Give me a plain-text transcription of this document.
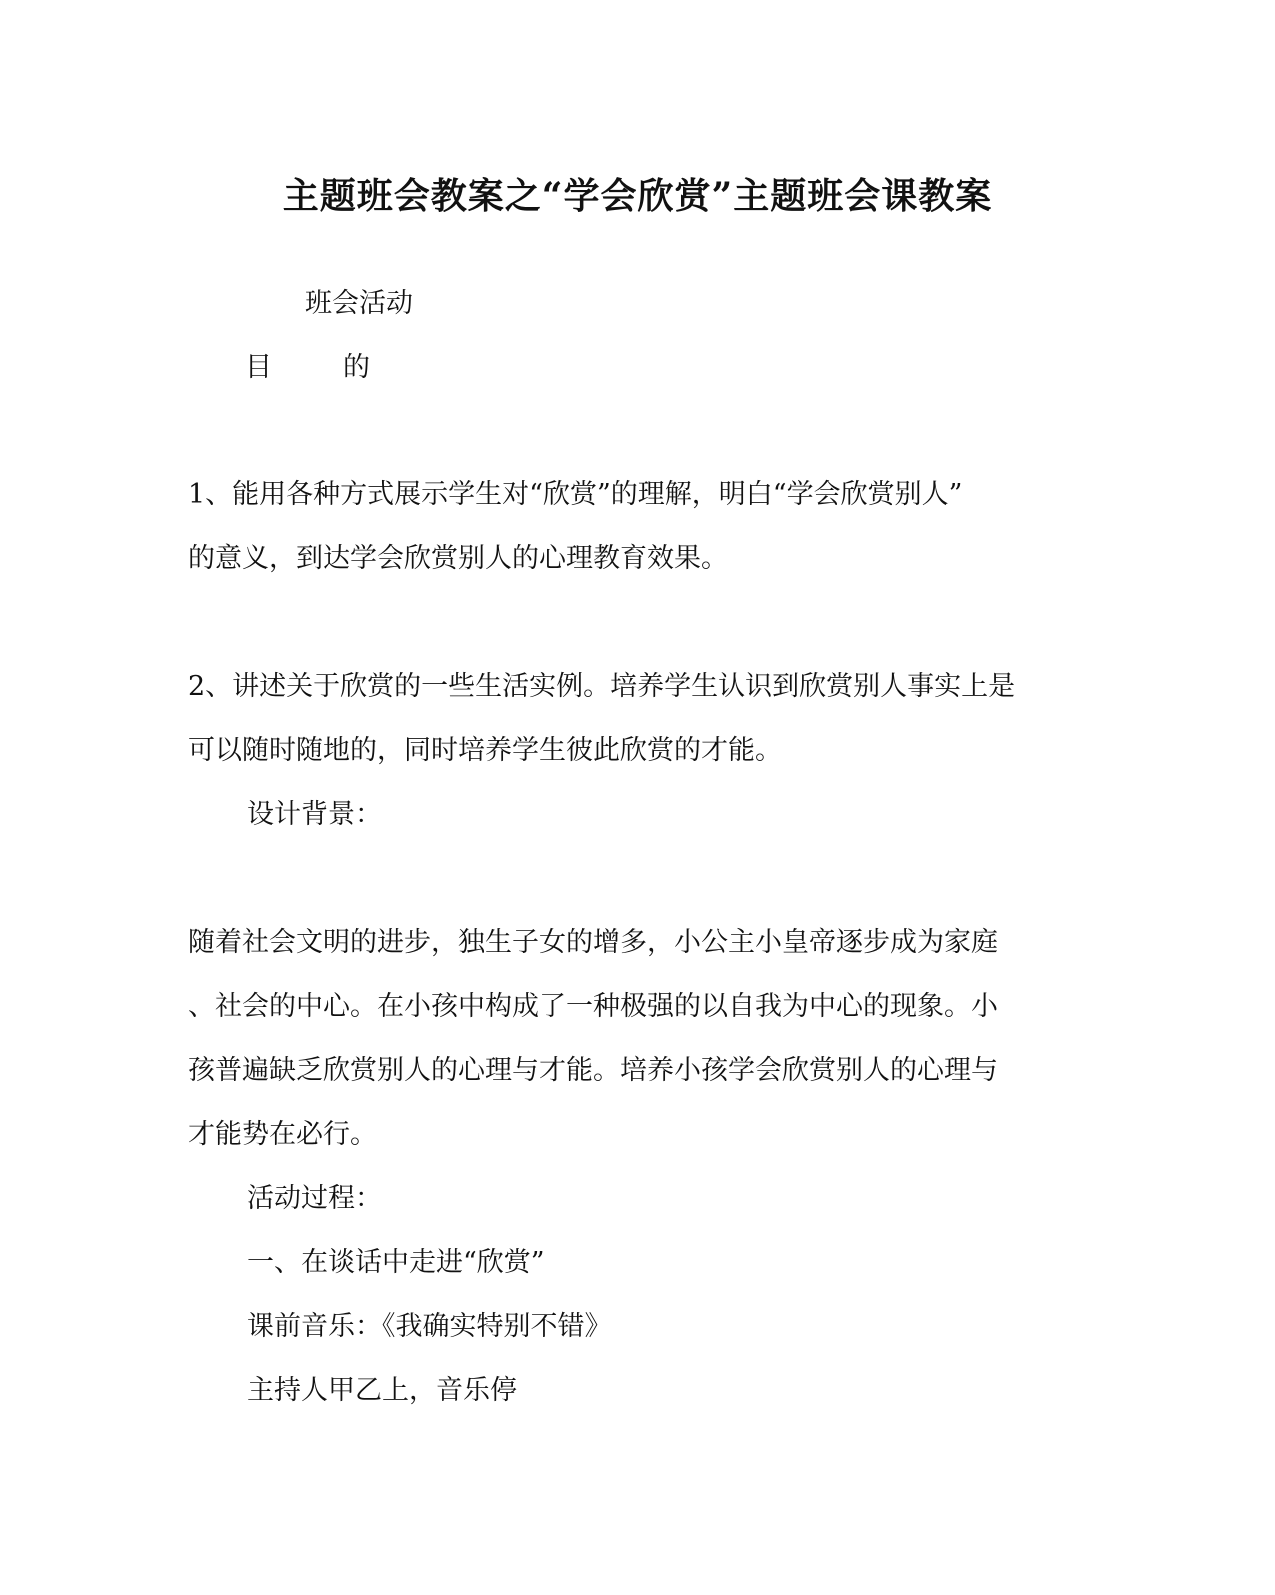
主题班会教案之“学会欣赏”主题班会课教案
班会活动
目	的
1、能用各种方式展示学生对“欣赏”的理解，明白“学会欣赏别人”
的意义，到达学会欣赏别人的心理教育效果。
2、讲述关于欣赏的一些生活实例。培养学生认识到欣赏别人事实上是
可以随时随地的，同时培养学生彼此欣赏的才能。
设计背景：
随着社会文明的进步，独生子女的增多，小公主小皇帝逐步成为家庭
、社会的中心。在小孩中构成了一种极强的以自我为中心的现象。小
孩普遍缺乏欣赏别人的心理与才能。培养小孩学会欣赏别人的心理与
才能势在必行。
活动过程：
一、在谈话中走进“欣赏”
课前音乐：《我确实特别不错》
主持人甲乙上，音乐停
